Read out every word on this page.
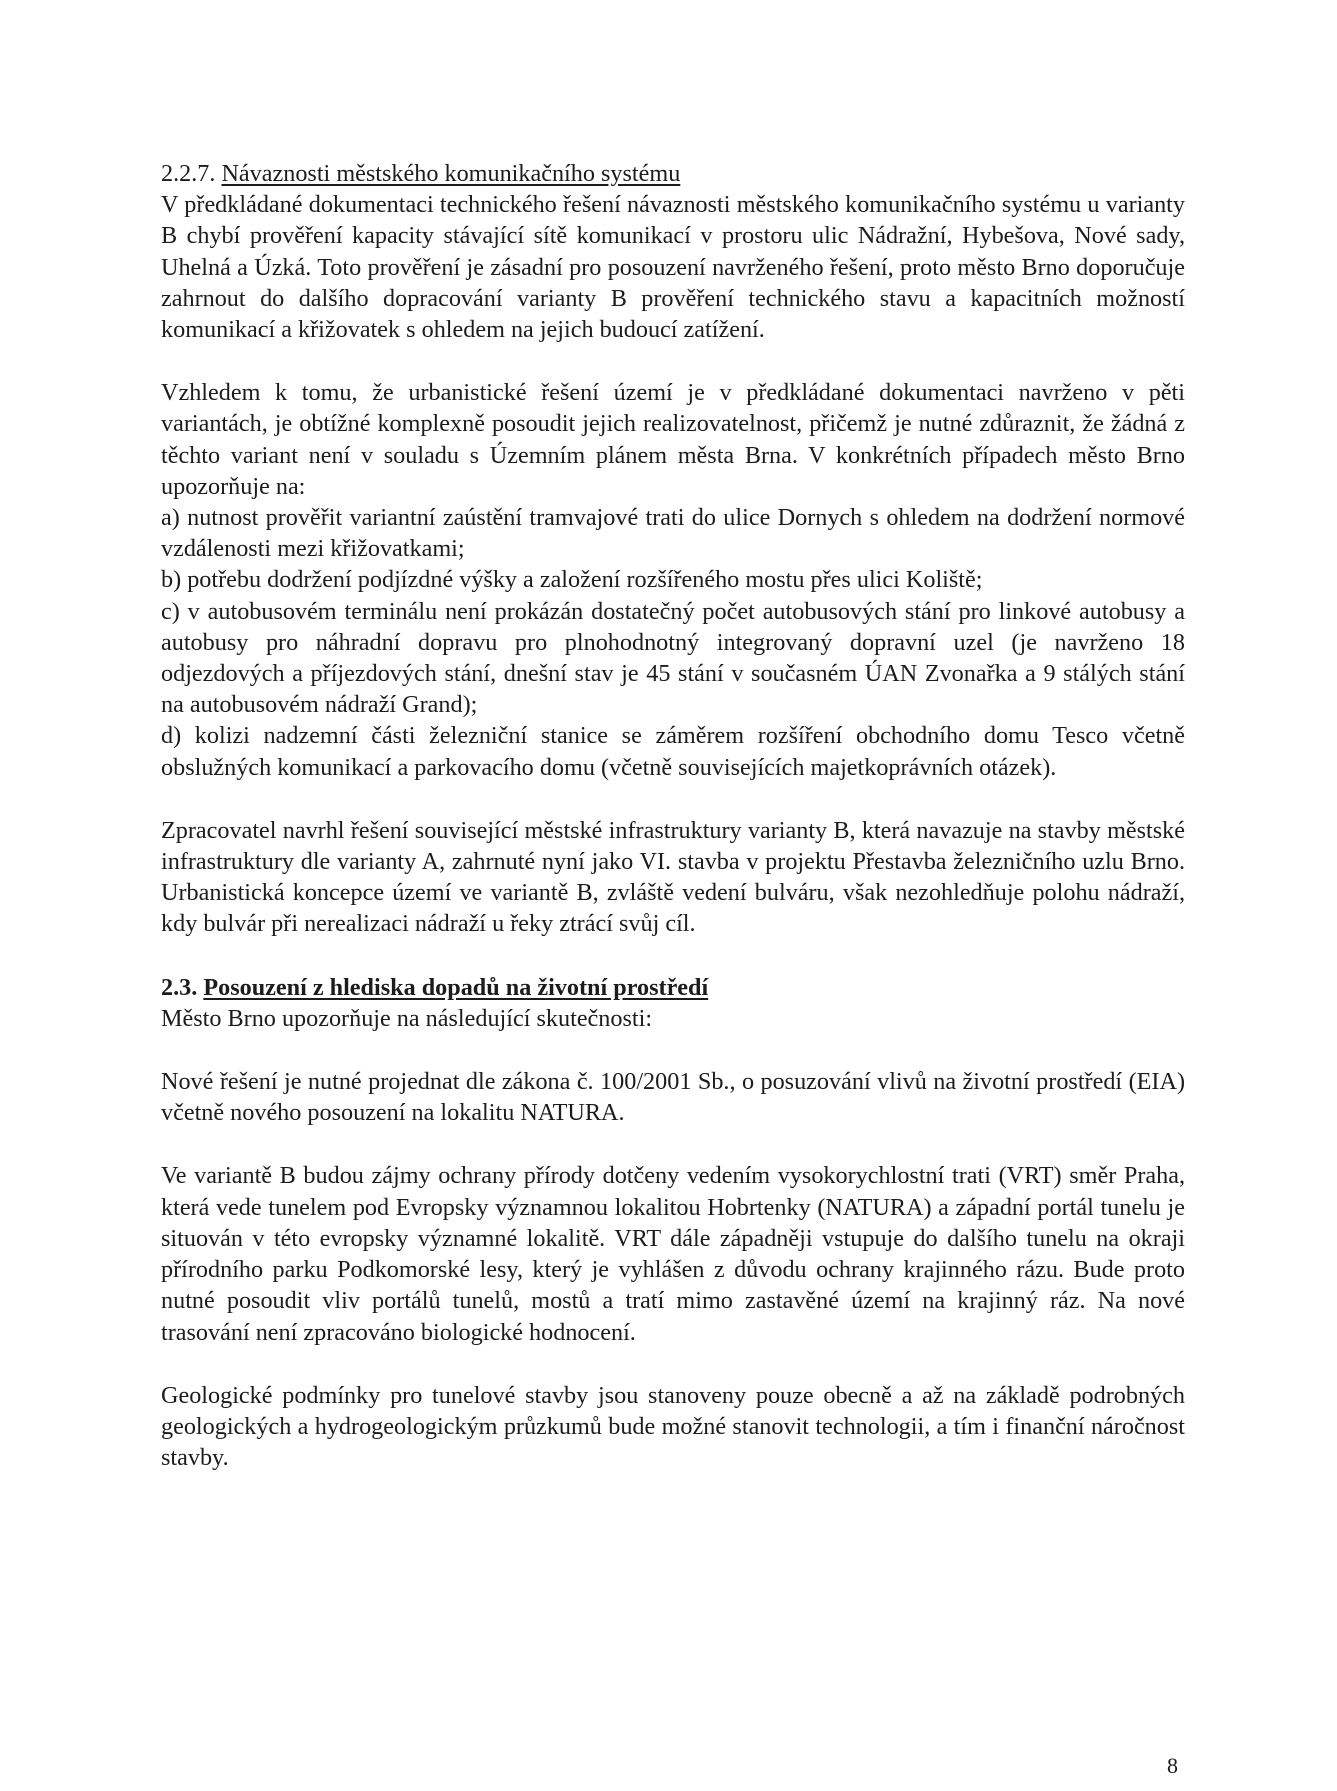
2.2.7. Návaznosti městského komunikačního systému

V předkládané dokumentaci technického řešení návaznosti městského komunikačního systému u varianty B chybí prověření kapacity stávající sítě komunikací v prostoru ulic Nádražní, Hybešova, Nové sady, Uhelná a Úzká. Toto prověření je zásadní pro posouzení navrženého řešení, proto město Brno doporučuje zahrnout do dalšího dopracování varianty B prověření technického stavu a kapacitních možností komunikací a křižovatek s ohledem na jejich budoucí zatížení.

Vzhledem k tomu, že urbanistické řešení území je v předkládané dokumentaci navrženo v pěti variantách, je obtížné komplexně posoudit jejich realizovatelnost, přičemž je nutné zdůraznit, že žádná z těchto variant není v souladu s Územním plánem města Brna. V konkrétních případech město Brno upozorňuje na:

a) nutnost prověřit variantní zaústění tramvajové trati do ulice Dornych s ohledem na dodržení normové vzdálenosti mezi křižovatkami;

b) potřebu dodržení podjízdné výšky a založení rozšířeného mostu přes ulici Koliště;

c) v autobusovém terminálu není prokázán dostatečný počet autobusových stání pro linkové autobusy a autobusy pro náhradní dopravu pro plnohodnotný integrovaný dopravní uzel (je navrženo 18 odjezdových a příjezdových stání, dnešní stav je 45 stání v současném ÚAN Zvonařka a 9 stálých stání na autobusovém nádraží Grand);

d) kolizi nadzemní části železniční stanice se záměrem rozšíření obchodního domu Tesco včetně obslužných komunikací a parkovacího domu (včetně souvisejících majetkoprávních otázek).

Zpracovatel navrhl řešení související městské infrastruktury varianty B, která navazuje na stavby městské infrastruktury dle varianty A, zahrnuté nyní jako VI. stavba v projektu Přestavba železničního uzlu Brno. Urbanistická koncepce území ve variantě B, zvláště vedení bulváru, však nezohledňuje polohu nádraží, kdy bulvár při nerealizaci nádraží u řeky ztrácí svůj cíl.

2.3. Posouzení z hlediska dopadů na životní prostředí

Město Brno upozorňuje na následující skutečnosti:

Nové řešení je nutné projednat dle zákona č. 100/2001 Sb., o posuzování vlivů na životní prostředí (EIA) včetně nového posouzení na lokalitu NATURA.

Ve variantě B budou zájmy ochrany přírody dotčeny vedením vysokorychlostní trati (VRT) směr Praha, která vede tunelem pod Evropsky významnou lokalitou Hobrtenky (NATURA) a západní portál tunelu je situován v této evropsky významné lokalitě. VRT dále západněji vstupuje do dalšího tunelu na okraji přírodního parku Podkomorské lesy, který je vyhlášen z důvodu ochrany krajinného rázu. Bude proto nutné posoudit vliv portálů tunelů, mostů a tratí mimo zastavěné území na krajinný ráz. Na nové trasování není zpracováno biologické hodnocení.

Geologické podmínky pro tunelové stavby jsou stanoveny pouze obecně a až na základě podrobných geologických a hydrogeologickým průzkumů bude možné stanovit technologii, a tím i finanční náročnost stavby.

8
